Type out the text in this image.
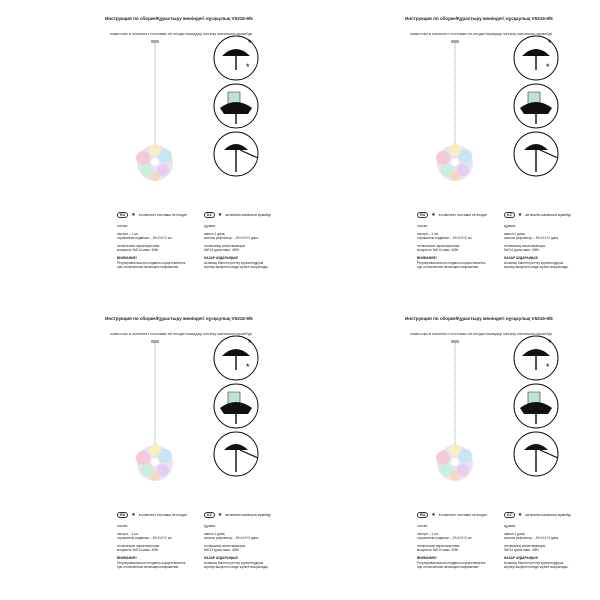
Инструкция по сборке/Құрастыру жөніндегі нұсқаулық V5315-9/5
лампочки в комплект поставки не входят/шамдар жеткізу жинағына кірмейді
*
*
RU	★ в комплект поставки не входит	KZ	★ жеткізілім жинағына кірмейді

состав:

люстра – 1 шт.

отражатели-подвески – 19×2×2+2 шт.

технические характеристики:

мощность 5xE14 макс. 40Вт

ВНИМАНИЕ!

Регулировка высоты подвеса осуществляется
при отключенном питающем напряжении.

құрамы:

шағын-1 дана,

аспалы рефлектор – 19×2×2+2 дана.

техникалық сипаттамалары:

5xE14 қуаты макс. 40Вт

НАЗАР АУДАРЫҢЫЗ!

Аспаның биіктігін реттеу қоректендіруші
кернеуі өшірілген кезде жүзеге асырылады.
Инструкция по сборке/Құрастыру жөніндегі нұсқаулық V5315-9/5
лампочки в комплект поставки не входят/шамдар жеткізу жинағына кірмейді
*
*
RU	★ в комплект поставки не входит	KZ	★ жеткізілім жинағына кірмейді

состав:

люстра – 1 шт.

отражатели-подвески – 19×2×2+2 шт.

технические характеристики:

мощность 5xE14 макс. 40Вт

ВНИМАНИЕ!

Регулировка высоты подвеса осуществляется
при отключенном питающем напряжении.

құрамы:

шағын-1 дана,

аспалы рефлектор – 19×2×2+2 дана.

техникалық сипаттамалары:

5xE14 қуаты макс. 40Вт

НАЗАР АУДАРЫҢЫЗ!

Аспаның биіктігін реттеу қоректендіруші
кернеуі өшірілген кезде жүзеге асырылады.
Инструкция по сборке/Құрастыру жөніндегі нұсқаулық V5315-9/5
лампочки в комплект поставки не входят/шамдар жеткізу жинағына кірмейді
*
*
RU	★ в комплект поставки не входит	KZ	★ жеткізілім жинағына кірмейді

состав:

люстра – 1 шт.

отражатели-подвески – 19×2×2+2 шт.

технические характеристики:

мощность 5xE14 макс. 40Вт

ВНИМАНИЕ!

Регулировка высоты подвеса осуществляется
при отключенном питающем напряжении.

құрамы:

шағын-1 дана,

аспалы рефлектор – 19×2×2+2 дана.

техникалық сипаттамалары:

5xE14 қуаты макс. 40Вт

НАЗАР АУДАРЫҢЫЗ!

Аспаның биіктігін реттеу қоректендіруші
кернеуі өшірілген кезде жүзеге асырылады.
Инструкция по сборке/Құрастыру жөніндегі нұсқаулық V5315-9/5
лампочки в комплект поставки не входят/шамдар жеткізу жинағына кірмейді
*
*
RU	★ в комплект поставки не входит	KZ	★ жеткізілім жинағына кірмейді

состав:

люстра – 1 шт.

отражатели-подвески – 19×2×2+2 шт.

технические характеристики:

мощность 5xE14 макс. 40Вт

ВНИМАНИЕ!

Регулировка высоты подвеса осуществляется
при отключенном питающем напряжении.

құрамы:

шағын-1 дана,

аспалы рефлектор – 19×2×2+2 дана.

техникалық сипаттамалары:

5xE14 қуаты макс. 40Вт

НАЗАР АУДАРЫҢЫЗ!

Аспаның биіктігін реттеу қоректендіруші
кернеуі өшірілген кезде жүзеге асырылады.
